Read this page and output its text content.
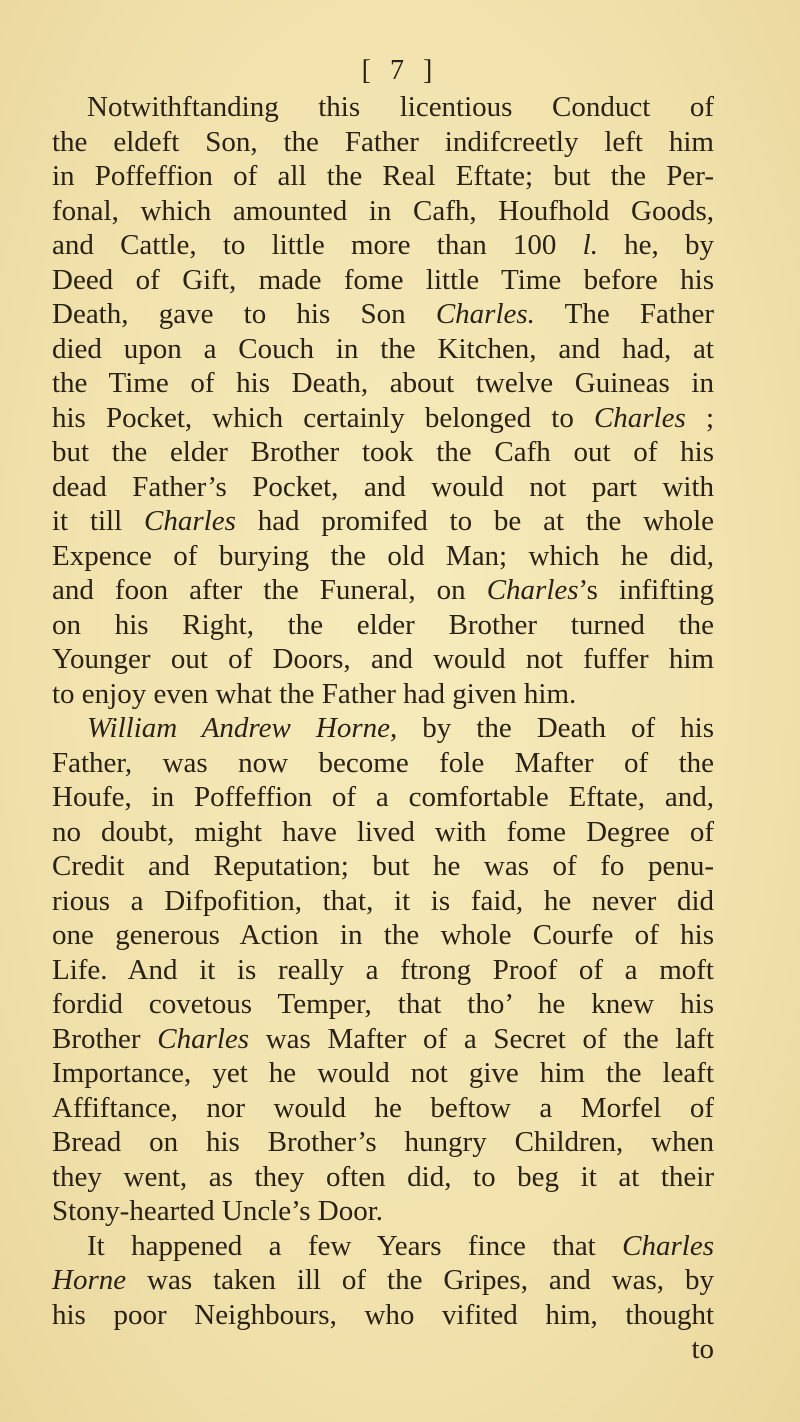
[ 7 ]
Notwithftanding this licentious Conduct of
the eldeft Son, the Father indifcreetly left him
in Poffeffion of all the Real Eftate; but the Per-
fonal, which amounted in Cafh, Houfhold Goods,
and Cattle, to little more than 100 l. he, by
Deed of Gift, made fome little Time before his
Death, gave to his Son Charles. The Father
died upon a Couch in the Kitchen, and had, at
the Time of his Death, about twelve Guineas in
his Pocket, which certainly belonged to Charles ;
but the elder Brother took the Cafh out of his
dead Father’s Pocket, and would not part with
it till Charles had promifed to be at the whole
Expence of burying the old Man; which he did,
and foon after the Funeral, on Charles’s infifting
on his Right, the elder Brother turned the
Younger out of Doors, and would not fuffer him
to enjoy even what the Father had given him.
William Andrew Horne, by the Death of his
Father, was now become fole Mafter of the
Houfe, in Poffeffion of a comfortable Eftate, and,
no doubt, might have lived with fome Degree of
Credit and Reputation; but he was of fo penu-
rious a Difpofition, that, it is faid, he never did
one generous Action in the whole Courfe of his
Life. And it is really a ftrong Proof of a moft
fordid covetous Temper, that tho’ he knew his
Brother Charles was Mafter of a Secret of the laft
Importance, yet he would not give him the leaft
Affiftance, nor would he beftow a Morfel of
Bread on his Brother’s hungry Children, when
they went, as they often did, to beg it at their
Stony-hearted Uncle’s Door.
It happened a few Years fince that Charles
Horne was taken ill of the Gripes, and was, by
his poor Neighbours, who vifited him, thought
to
